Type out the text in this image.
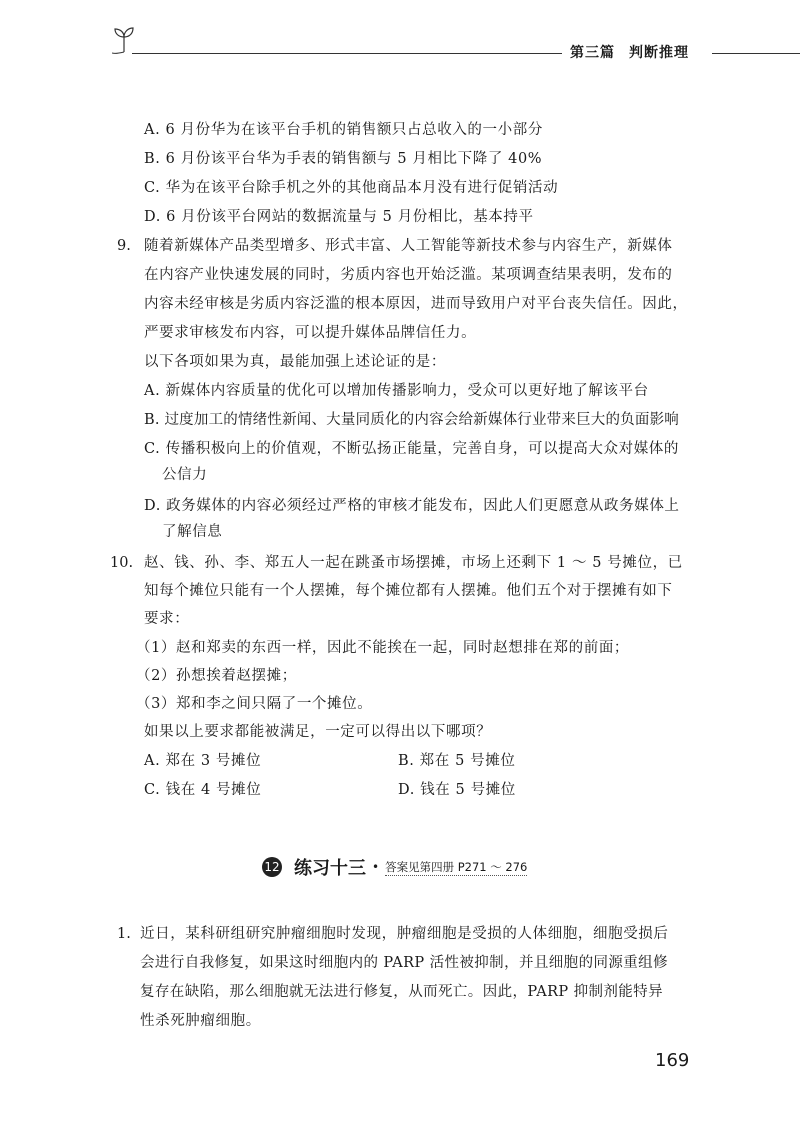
第三篇 判断推理
A. 6 月份华为在该平台手机的销售额只占总收入的一小部分
B. 6 月份该平台华为手表的销售额与 5 月相比下降了 40%
C. 华为在该平台除手机之外的其他商品本月没有进行促销活动
D. 6 月份该平台网站的数据流量与 5 月份相比，基本持平
9. 随着新媒体产品类型增多、形式丰富、人工智能等新技术参与内容生产，新媒体
在内容产业快速发展的同时，劣质内容也开始泛滥。某项调查结果表明，发布的
内容未经审核是劣质内容泛滥的根本原因，进而导致用户对平台丧失信任。因此，
严要求审核发布内容，可以提升媒体品牌信任力。
以下各项如果为真，最能加强上述论证的是：
A. 新媒体内容质量的优化可以增加传播影响力，受众可以更好地了解该平台
B. 过度加工的情绪性新闻、大量同质化的内容会给新媒体行业带来巨大的负面影响
C. 传播积极向上的价值观，不断弘扬正能量，完善自身，可以提高大众对媒体的
公信力
D. 政务媒体的内容必须经过严格的审核才能发布，因此人们更愿意从政务媒体上
了解信息
10. 赵、钱、孙、李、郑五人一起在跳蚤市场摆摊，市场上还剩下 1 ～ 5 号摊位，已
知每个摊位只能有一个人摆摊，每个摊位都有人摆摊。他们五个对于摆摊有如下
要求：
（1）赵和郑卖的东西一样，因此不能挨在一起，同时赵想排在郑的前面；
（2）孙想挨着赵摆摊；
（3）郑和李之间只隔了一个摊位。
如果以上要求都能被满足，一定可以得出以下哪项？
A. 郑在 3 号摊位	B. 郑在 5 号摊位
C. 钱在 4 号摊位	D. 钱在 5 号摊位
12 练习十三 • 答案见第四册 P271 ～ 276
1. 近日，某科研组研究肿瘤细胞时发现，肿瘤细胞是受损的人体细胞，细胞受损后
会进行自我修复，如果这时细胞内的 PARP 活性被抑制，并且细胞的同源重组修
复存在缺陷，那么细胞就无法进行修复，从而死亡。因此，PARP 抑制剂能特异
性杀死肿瘤细胞。
169
